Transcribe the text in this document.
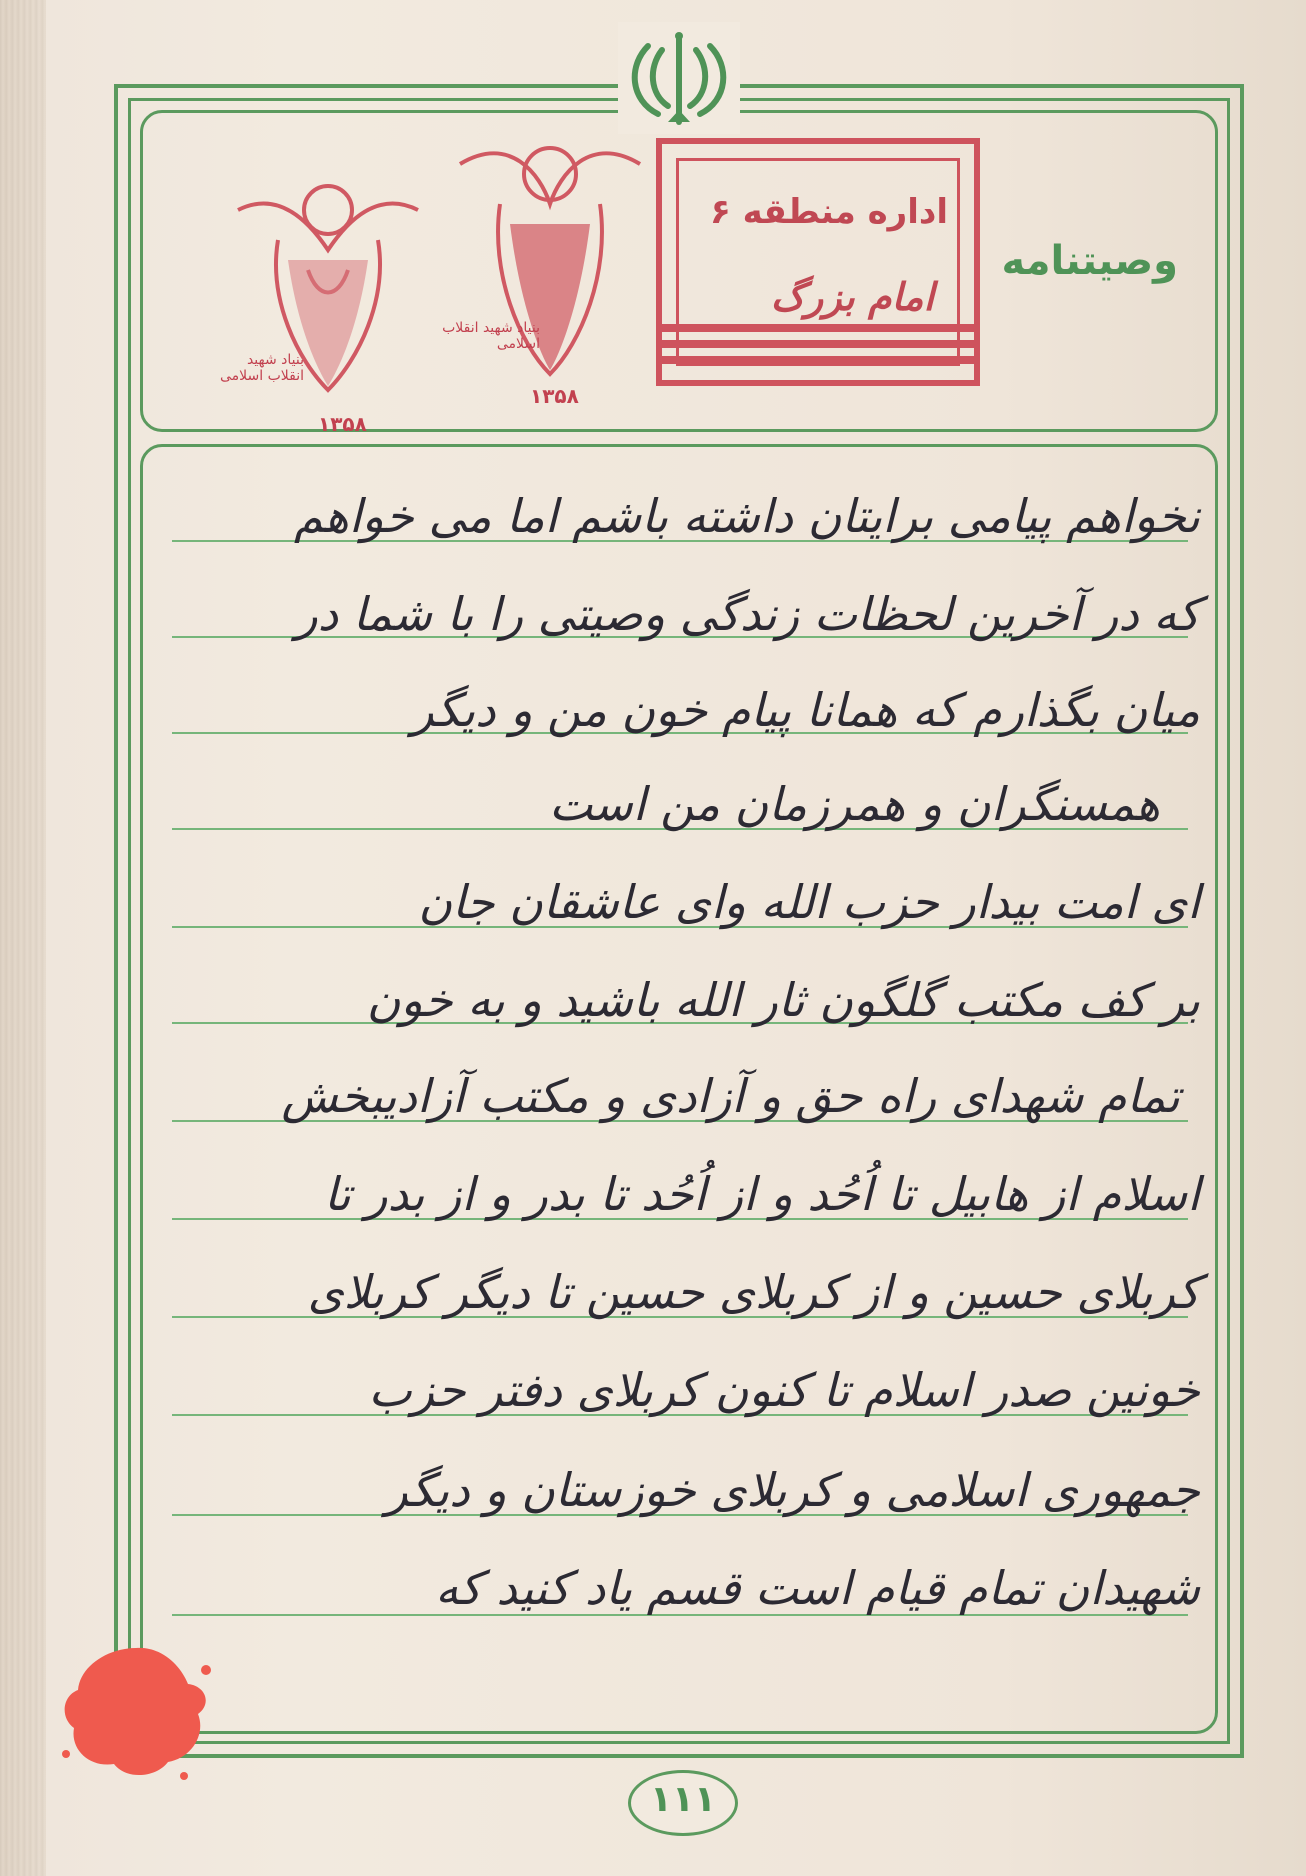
۱۳۵۸
بنیاد شهید انقلاب اسلامی
۱۳۵۸
بنیاد شهید انقلاب اسلامی
اداره منطقه ۶
امام بزرگ
وصیتنامه
نخواهم پیامی برایتان داشته باشم اما می خواهم
که در آخرین لحظات زندگی وصیتی را با شما در
میان بگذارم که همانا پیام خون من و دیگر
همسنگران و همرزمان من است
ای امت بیدار حزب الله وای عاشقان جان
بر کف مکتب گلگون ثار الله باشید و به خون
تمام شهدای راه حق و آزادی و مکتب آزادیبخش
اسلام از هابیل تا اُحُد و از اُحُد تا بدر و از بدر تا
کربلای حسین و از کربلای حسین تا دیگر کربلای
خونین صدر اسلام تا کنون کربلای دفتر حزب
جمهوری اسلامی و کربلای خوزستان و دیگر
شهیدان تمام قیام است قسم یاد کنید که
۱۱۱
